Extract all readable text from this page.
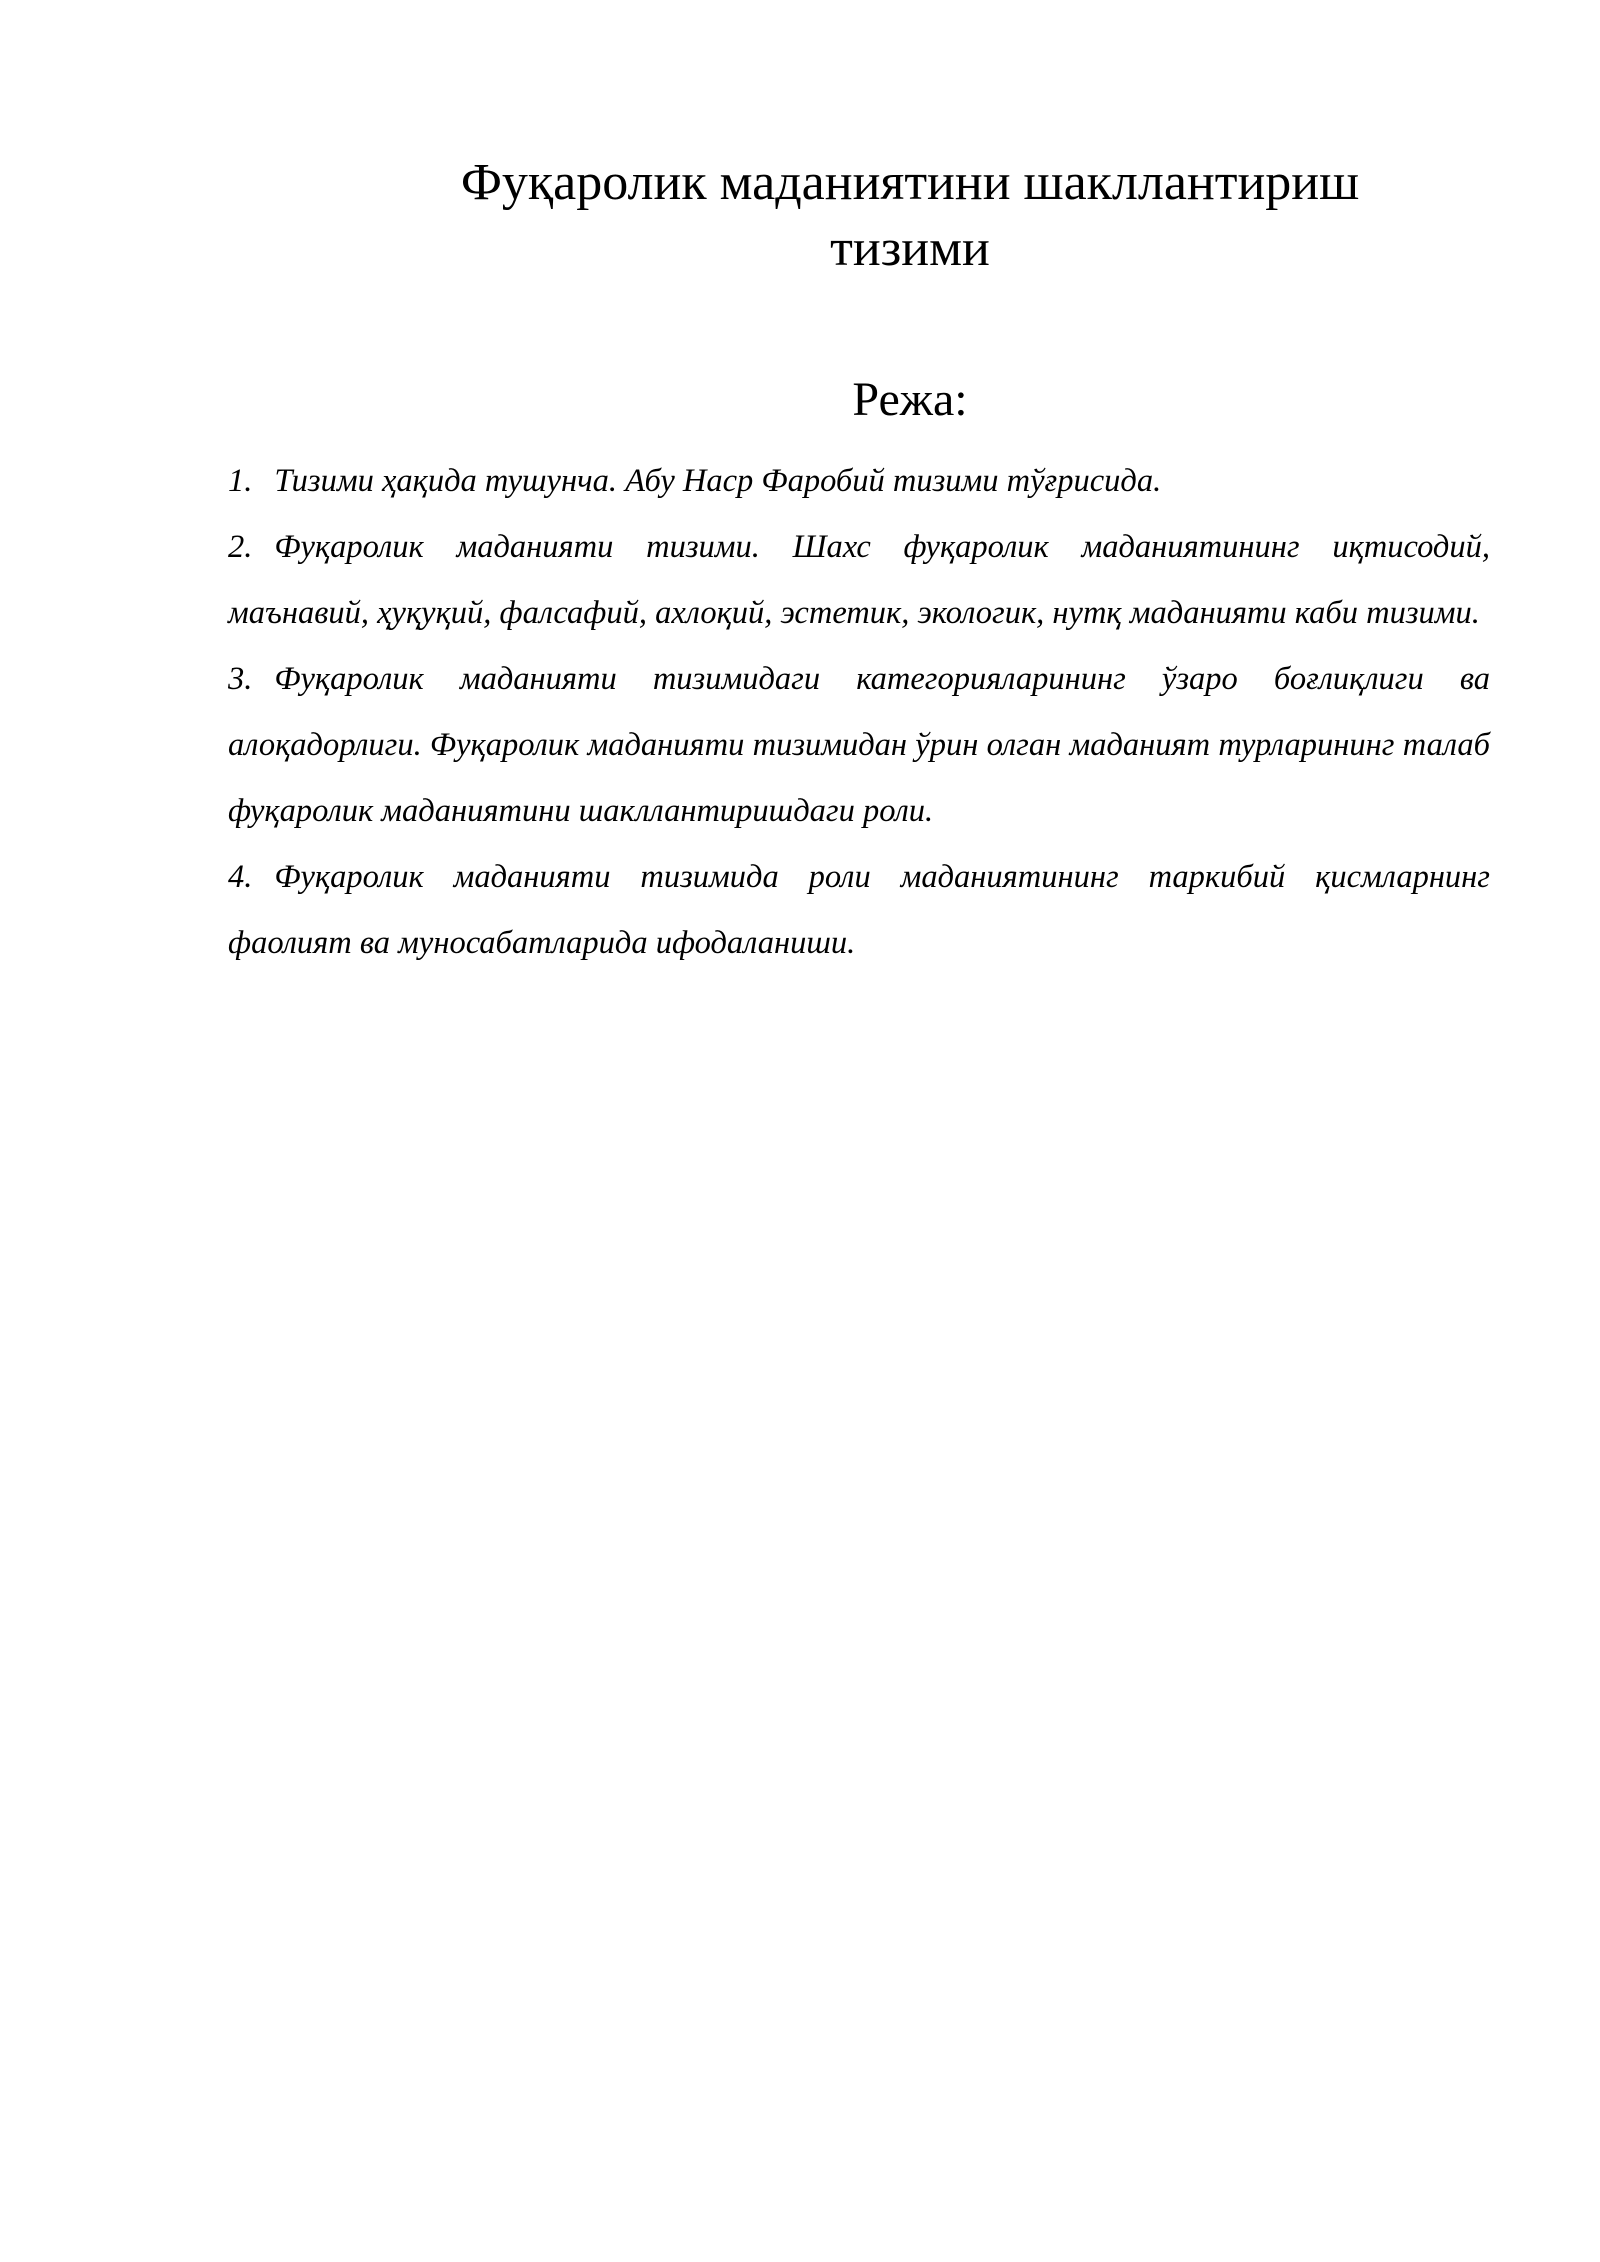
Фуқаролик маданиятини шакллантириш тизими
Режа:
1. Тизими ҳақида тушунча. Абу Наср Фаробий тизими тўғрисида.
2. Фуқаролик маданияти тизими. Шахс фуқаролик маданиятининг иқтисодий, маънавий, ҳуқуқий, фалсафий, ахлоқий, эстетик, экологик, нутқ маданияти каби тизими.
3. Фуқаролик маданияти тизимидаги категорияларининг ўзаро боғлиқлиги ва алоқадорлиги. Фуқаролик маданияти тизимидан ўрин олган маданият турларининг талаб фуқаролик маданиятини шакллантиришдаги роли.
4. Фуқаролик маданияти тизимида роли маданиятининг таркибий қисмларнинг фаолият ва муносабатларида ифодаланиши.
